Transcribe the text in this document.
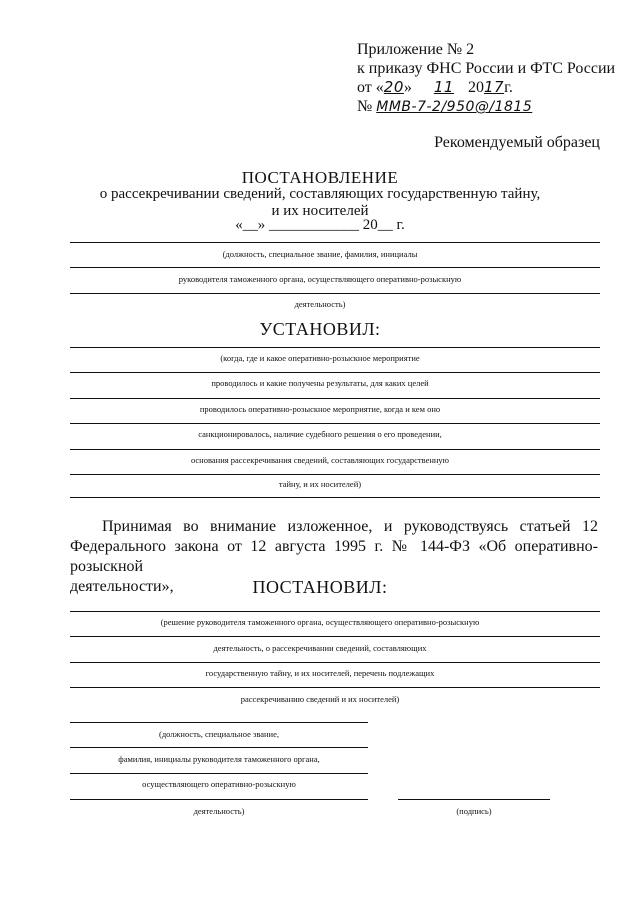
Приложение № 2
к приказу ФНС России и ФТС России
от «20» 11 2017г.
№ ММВ-7-2/950@/1815
Рекомендуемый образец
ПОСТАНОВЛЕНИЕ
о рассекречивании сведений, составляющих государственную тайну,
и их носителей
«__» ____________ 20__ г.
(должность, специальное звание, фамилия, инициалы
руководителя таможенного органа, осуществляющего оперативно-розыскную
деятельность)
УСТАНОВИЛ:
(когда, где и какое оперативно-розыскное мероприятие
проводилось и какие получены результаты, для каких целей
проводилось оперативно-розыскное мероприятие, когда и кем оно
санкционировалось, наличие судебного решения о его проведении,
основания рассекречивания сведений, составляющих государственную
тайну, и их носителей)
Принимая во внимание изложенное, и руководствуясь статьей 12
Федерального закона от 12 августа 1995 г. № 144-ФЗ «Об оперативно-розыскной
деятельности»,	ПОСТАНОВИЛ:
(решение руководителя таможенного органа, осуществляющего оперативно-розыскную
деятельность, о рассекречивании сведений, составляющих
государственную тайну, и их носителей, перечень подлежащих
рассекречиванию сведений и их носителей)
(должность, специальное звание,
фамилия, инициалы руководителя таможенного органа,
осуществляющего оперативно-розыскную
деятельность)	(подпись)
